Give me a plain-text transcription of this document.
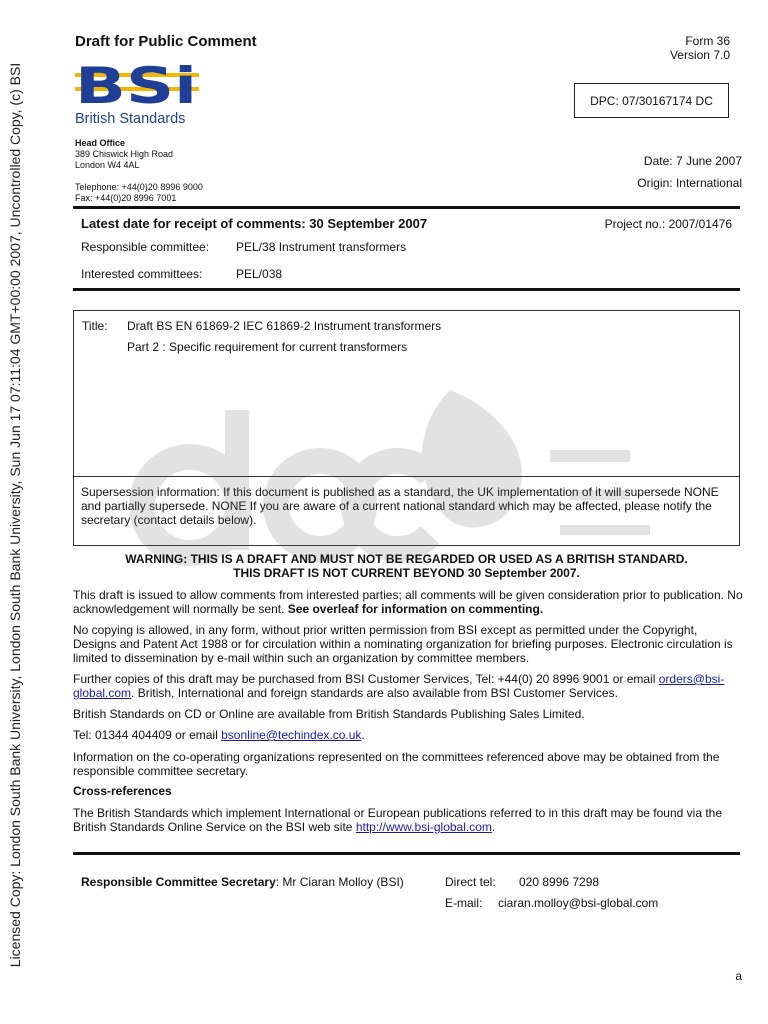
Licensed Copy: London South Bank University, London South Bank University, Sun Jun 17 07:11:04 GMT+00:00 2007, Uncontrolled Copy, (c) BSI
Draft for Public Comment	Form 36
Version 7.0
BSi
British Standards
DPC: 07/30167174 DC
Head Office
389 Chiswick High Road
London W4 4AL
Telephone: +44(0)20 8996 9000
Fax: +44(0)20 8996 7001
Date: 7 June 2007
Origin: International
Latest date for receipt of comments: 30 September 2007	Project no.: 2007/01476
Responsible committee: PEL/38 Instrument transformers
Interested committees:	PEL/038
Title: Draft BS EN 61869-2 IEC 61869-2 Instrument transformers
Part 2 : Specific requirement for current transformers
Supersession information: If this document is published as a standard, the UK implementation of it will supersede NONE and partially supersede. NONE If you are aware of a current national standard which may be affected, please notify the secretary (contact details below).
WARNING: THIS IS A DRAFT AND MUST NOT BE REGARDED OR USED AS A BRITISH STANDARD.
THIS DRAFT IS NOT CURRENT BEYOND 30 September 2007.
This draft is issued to allow comments from interested parties; all comments will be given consideration prior to publication. No acknowledgement will normally be sent. See overleaf for information on commenting.
No copying is allowed, in any form, without prior written permission from BSI except as permitted under the Copyright, Designs and Patent Act 1988 or for circulation within a nominating organization for briefing purposes. Electronic circulation is limited to dissemination by e-mail within such an organization by committee members.
Further copies of this draft may be purchased from BSI Customer Services, Tel: +44(0) 20 8996 9001 or email orders@bsi-global.com. British, International and foreign standards are also available from BSI Customer Services.
British Standards on CD or Online are available from British Standards Publishing Sales Limited.
Tel: 01344 404409 or email bsonline@techindex.co.uk.
Information on the co-operating organizations represented on the committees referenced above may be obtained from the responsible committee secretary.
Cross-references
The British Standards which implement International or European publications referred to in this draft may be found via the British Standards Online Service on the BSI web site http://www.bsi-global.com.
Responsible Committee Secretary: Mr Ciaran Molloy (BSI)	Direct tel: 020 8996 7298
E-mail: ciaran.molloy@bsi-global.com
a
